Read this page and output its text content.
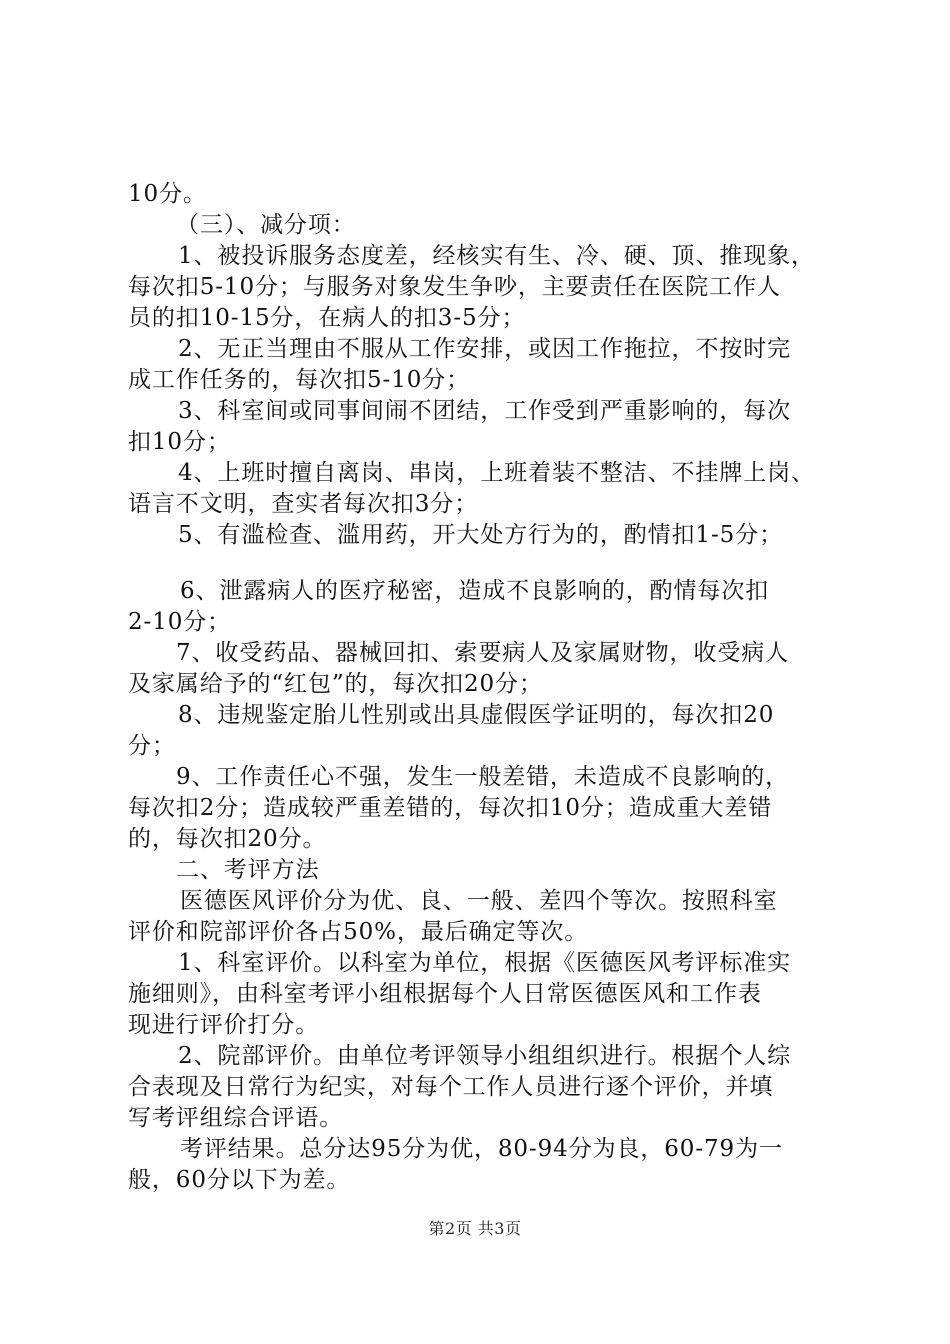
10分。
（三）、减分项：
1、被投诉服务态度差，经核实有生、冷、硬、顶、推现象，
每次扣5-10分；与服务对象发生争吵，主要责任在医院工作人
员的扣10-15分，在病人的扣3-5分；
2、无正当理由不服从工作安排，或因工作拖拉，不按时完
成工作任务的，每次扣5-10分；
3、科室间或同事间闹不团结，工作受到严重影响的，每次
扣10分；
4、上班时擅自离岗、串岗，上班着装不整洁、不挂牌上岗、
语言不文明，查实者每次扣3分；
5、有滥检查、滥用药，开大处方行为的，酌情扣1-5分；
6、泄露病人的医疗秘密，造成不良影响的，酌情每次扣
2-10分；
7、收受药品、器械回扣、索要病人及家属财物，收受病人
及家属给予的“红包”的，每次扣20分；
8、违规鉴定胎儿性别或出具虚假医学证明的，每次扣20
分；
9、工作责任心不强，发生一般差错，未造成不良影响的，
每次扣2分；造成较严重差错的，每次扣10分；造成重大差错
的，每次扣20分。
二、考评方法
医德医风评价分为优、良、一般、差四个等次。按照科室
评价和院部评价各占50%，最后确定等次。
1、科室评价。以科室为单位，根据《医德医风考评标准实
施细则》，由科室考评小组根据每个人日常医德医风和工作表
现进行评价打分。
2、院部评价。由单位考评领导小组组织进行。根据个人综
合表现及日常行为纪实，对每个工作人员进行逐个评价，并填
写考评组综合评语。
考评结果。总分达95分为优，80-94分为良，60-79为一
般，60分以下为差。
第2页 共3页
